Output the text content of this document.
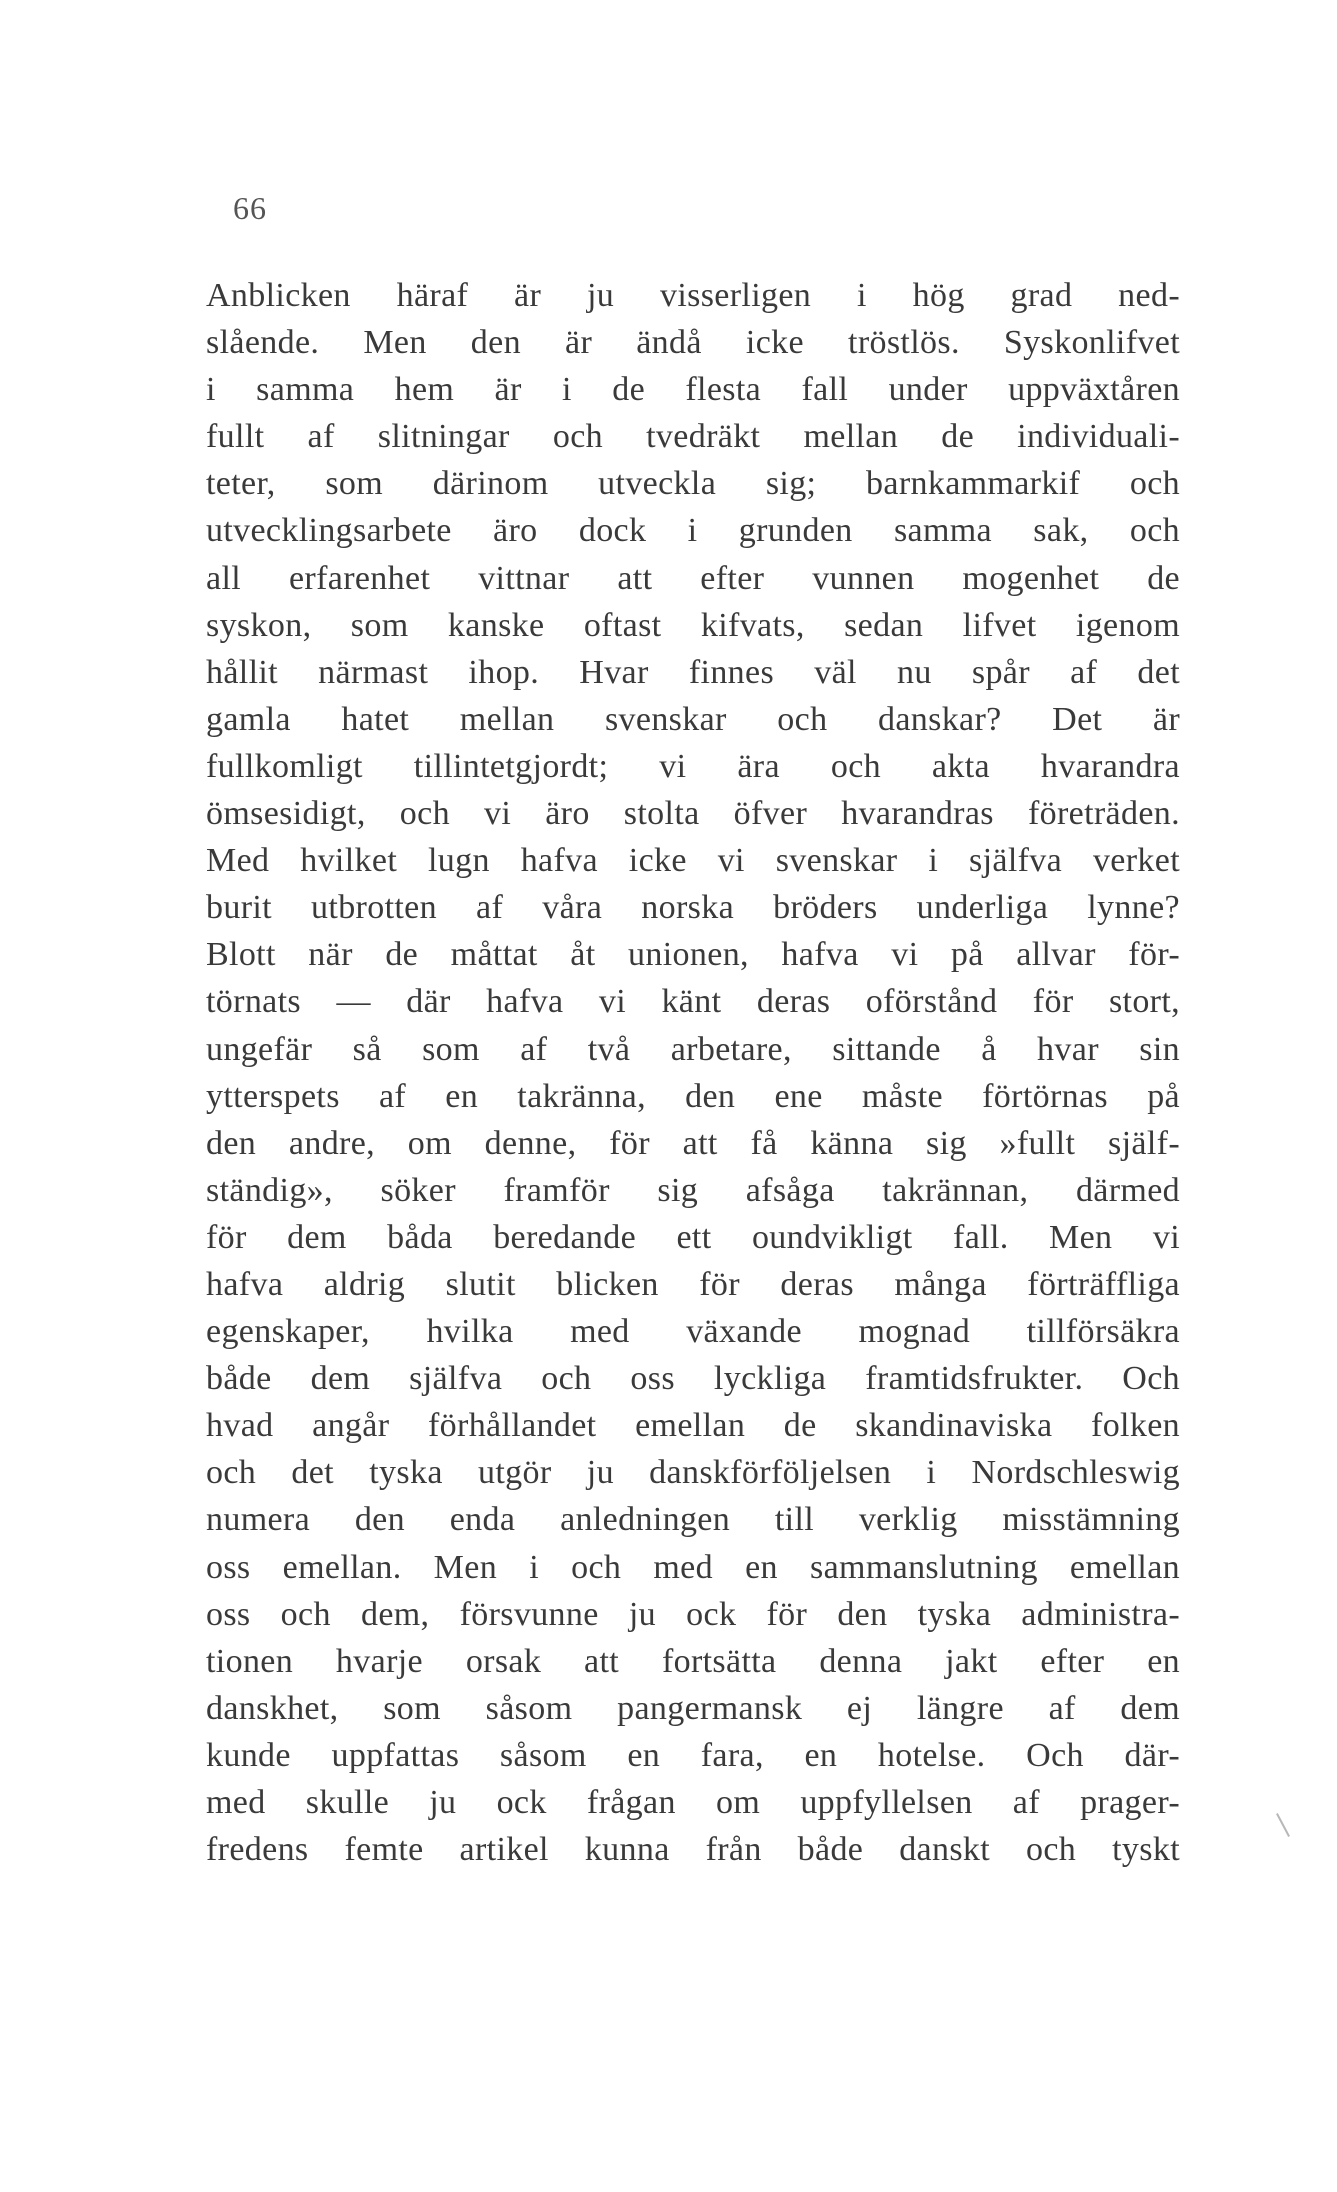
66
Anblicken häraf är ju visserligen i hög grad ned-
slående. Men den är ändå icke tröstlös. Syskonlifvet
i samma hem är i de flesta fall under uppväxtåren
fullt af slitningar och tvedräkt mellan de individuali-
teter, som därinom utveckla sig; barnkammarkif och
utvecklingsarbete äro dock i grunden samma sak, och
all erfarenhet vittnar att efter vunnen mogenhet de
syskon, som kanske oftast kifvats, sedan lifvet igenom
hållit närmast ihop. Hvar finnes väl nu spår af det
gamla hatet mellan svenskar och danskar? Det är
fullkomligt tillintetgjordt; vi ära och akta hvarandra
ömsesidigt, och vi äro stolta öfver hvarandras företräden.
Med hvilket lugn hafva icke vi svenskar i själfva verket
burit utbrotten af våra norska bröders underliga lynne?
Blott när de måttat åt unionen, hafva vi på allvar för-
törnats — där hafva vi känt deras oförstånd för stort,
ungefär så som af två arbetare, sittande å hvar sin
ytterspets af en takränna, den ene måste förtörnas på
den andre, om denne, för att få känna sig »fullt själf-
ständig», söker framför sig afsåga takrännan, därmed
för dem båda beredande ett oundvikligt fall. Men vi
hafva aldrig slutit blicken för deras många förträffliga
egenskaper, hvilka med växande mognad tillförsäkra
både dem själfva och oss lyckliga framtidsfrukter. Och
hvad angår förhållandet emellan de skandinaviska folken
och det tyska utgör ju danskförföljelsen i Nordschleswig
numera den enda anledningen till verklig misstämning
oss emellan. Men i och med en sammanslutning emellan
oss och dem, försvunne ju ock för den tyska administra-
tionen hvarje orsak att fortsätta denna jakt efter en
danskhet, som såsom pangermansk ej längre af dem
kunde uppfattas såsom en fara, en hotelse. Och där-
med skulle ju ock frågan om uppfyllelsen af prager-
fredens femte artikel kunna från både danskt och tyskt
